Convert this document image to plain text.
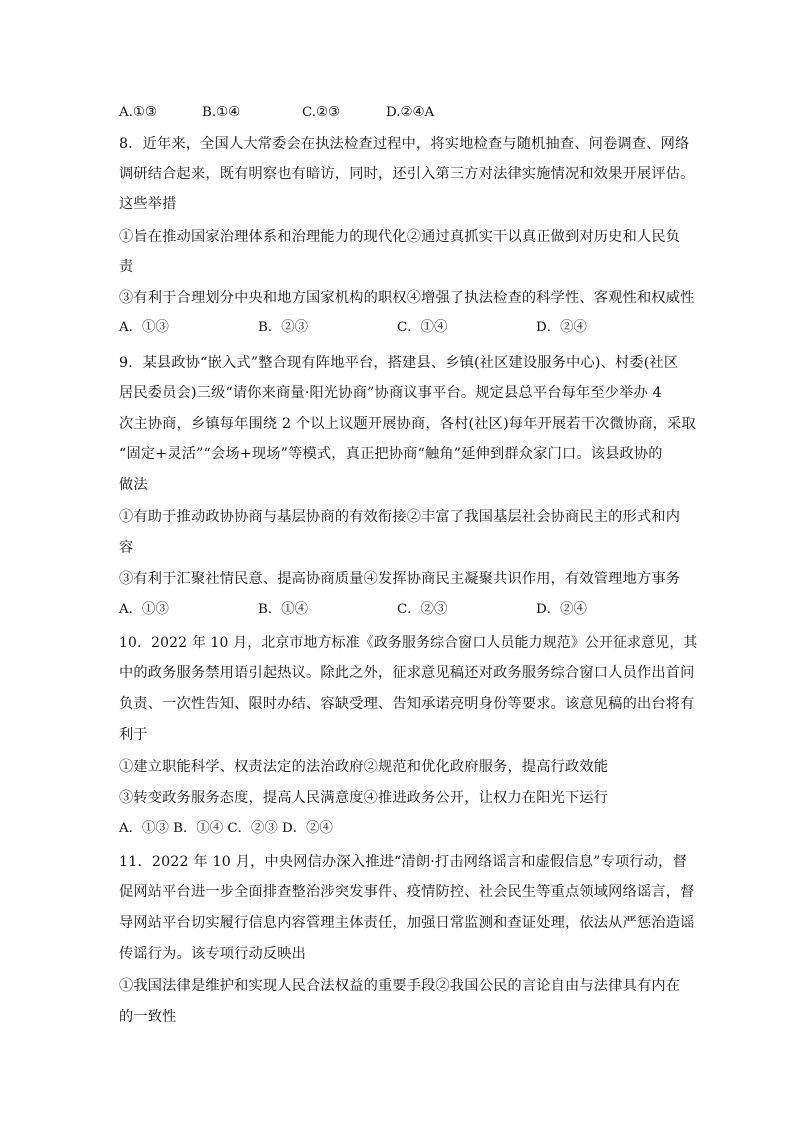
A.①③	B.①④	C.②③	D.②④A
8．近年来，全国人大常委会在执法检查过程中，将实地检查与随机抽查、问卷调查、网络
调研结合起来，既有明察也有暗访，同时，还引入第三方对法律实施情况和效果开展评估。
这些举措
①旨在推动国家治理体系和治理能力的现代化②通过真抓实干以真正做到对历史和人民负
责
③有利于合理划分中央和地方国家机构的职权④增强了执法检查的科学性、客观性和权威性
A．①③	B．②③	C．①④	D．②④
9．某县政协“嵌入式”整合现有阵地平台，搭建县、乡镇(社区建设服务中心)、村委(社区
居民委员会)三级“请你来商量·阳光协商”协商议事平台。规定县总平台每年至少举办 4
次主协商，乡镇每年围绕 2 个以上议题开展协商，各村(社区)每年开展若干次微协商，采取
“固定+灵活”“会场+现场”等模式，真正把协商“触角”延伸到群众家门口。该县政协的
做法
①有助于推动政协协商与基层协商的有效衔接②丰富了我国基层社会协商民主的形式和内
容
③有利于汇聚社情民意、提高协商质量④发挥协商民主凝聚共识作用，有效管理地方事务
A．①③	B．①④	C．②③	D．②④
10．2022 年 10 月，北京市地方标准《政务服务综合窗口人员能力规范》公开征求意见，其
中的政务服务禁用语引起热议。除此之外，征求意见稿还对政务服务综合窗口人员作出首问
负责、一次性告知、限时办结、容缺受理、告知承诺亮明身份等要求。该意见稿的出台将有
利于
①建立职能科学、权责法定的法治政府②规范和优化政府服务，提高行政效能
③转变政务服务态度，提高人民满意度④推进政务公开，让权力在阳光下运行
A．①③ B．①④ C．②③ D．②④
11．2022 年 10 月，中央网信办深入推进“清朗·打击网络谣言和虚假信息”专项行动，督
促网站平台进一步全面排查整治涉突发事件、疫情防控、社会民生等重点领域网络谣言，督
导网站平台切实履行信息内容管理主体责任，加强日常监测和查证处理，依法从严惩治造谣
传谣行为。该专项行动反映出
①我国法律是维护和实现人民合法权益的重要手段②我国公民的言论自由与法律具有内在
的一致性
